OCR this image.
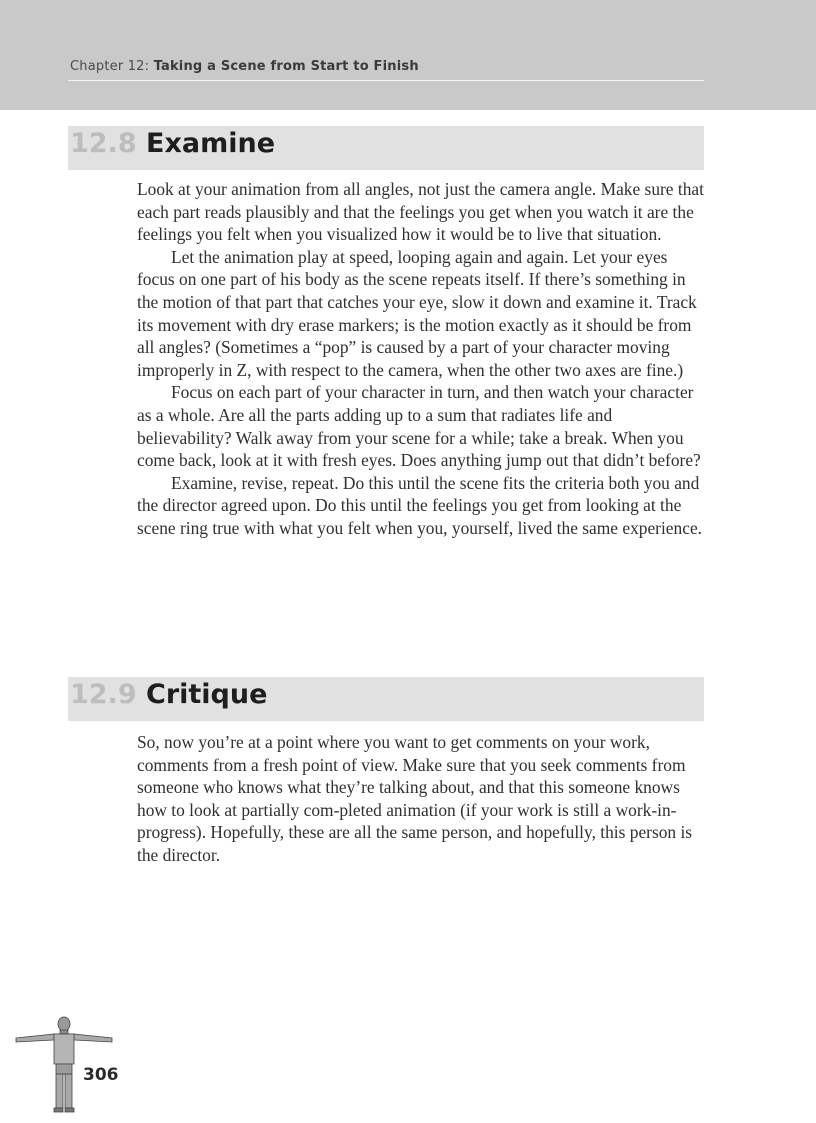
Chapter 12: Taking a Scene from Start to Finish
12.8 Examine

Look at your animation from all angles, not just the camera angle. Make sure that each part reads plausibly and that the feelings you get when you watch it are the feelings you felt when you visualized how it would be to live that situation.

Let the animation play at speed, looping again and again. Let your eyes focus on one part of his body as the scene repeats itself. If there’s something in the motion of that part that catches your eye, slow it down and examine it. Track its movement with dry erase markers; is the motion exactly as it should be from all angles? (Sometimes a “pop” is caused by a part of your character moving improperly in Z, with respect to the camera, when the other two axes are fine.)

Focus on each part of your character in turn, and then watch your character as a whole. Are all the parts adding up to a sum that radiates life and believability? Walk away from your scene for a while; take a break. When you come back, look at it with fresh eyes. Does anything jump out that didn’t before?

Examine, revise, repeat. Do this until the scene fits the criteria both you and the director agreed upon. Do this until the feelings you get from looking at the scene ring true with what you felt when you, yourself, lived the same experience.

12.9 Critique

So, now you’re at a point where you want to get comments on your work, comments from a fresh point of view. Make sure that you seek comments from someone who knows what they’re talking about, and that this someone knows how to look at partially com-pleted animation (if your work is still a work-in-progress). Hopefully, these are all the same person, and hopefully, this person is the director.

306
